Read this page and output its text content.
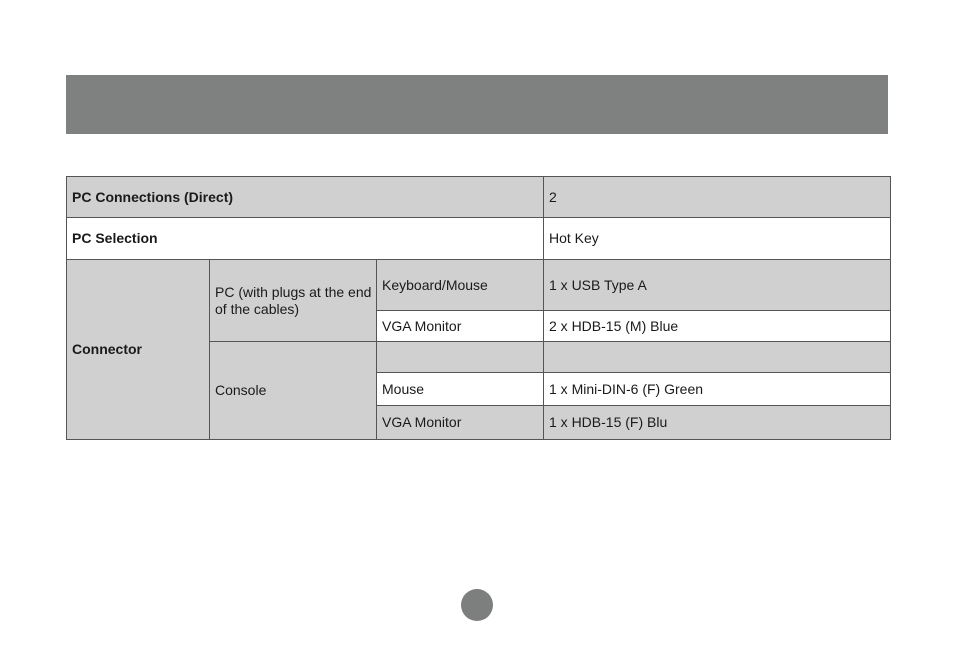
PC Connections (Direct)			2
PC Selection			Hot Key
Connector	PC (with plugs at the end of the cables)	Keyboard/Mouse	1 x USB Type A
		VGA Monitor	2 x HDB-15 (M) Blue
	Console		
		Mouse	1 x Mini-DIN-6 (F) Green
		VGA Monitor	1 x HDB-15 (F) Blu
